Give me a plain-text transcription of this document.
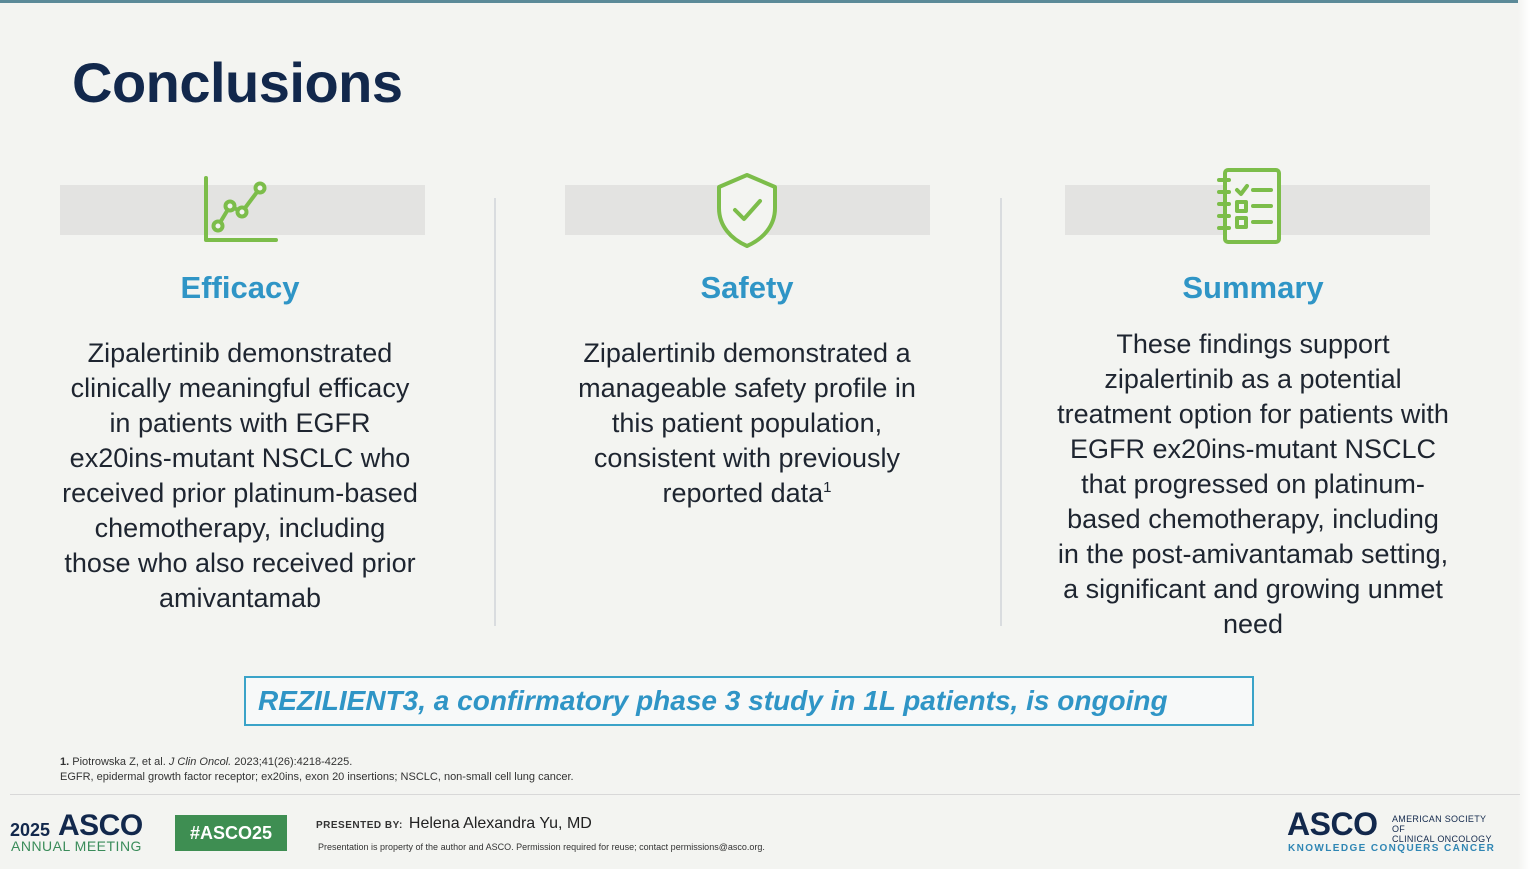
Conclusions
Efficacy
Zipalertinib demonstrated
clinically meaningful efficacy
in patients with EGFR
ex20ins-mutant NSCLC who
received prior platinum-based
chemotherapy, including
those who also received prior
amivantamab
Safety
Zipalertinib demonstrated a
manageable safety profile in
this patient population,
consistent with previously
reported data$^1$
Summary
These findings support
zipalertinib as a potential
treatment option for patients with
EGFR ex20ins-mutant NSCLC
that progressed on platinum-
based chemotherapy, including
in the post-amivantamab setting,
a significant and growing unmet
need
REZILIENT3, a confirmatory phase 3 study in 1L patients, is ongoing
1. Piotrowska Z, et al. J Clin Oncol. 2023;41(26):4218-4225.
EGFR, epidermal growth factor receptor; ex20ins, exon 20 insertions; NSCLC, non-small cell lung cancer.
2025 ASCO
ANNUAL MEETING
#ASCO25	PRESENTED BY: Helena Alexandra Yu, MD
Presentation is property of the author and ASCO. Permission required for reuse; contact permissions@asco.org.
ASCO AMERICAN SOCIETY OF
CLINICAL ONCOLOGY
KNOWLEDGE CONQUERS CANCER
